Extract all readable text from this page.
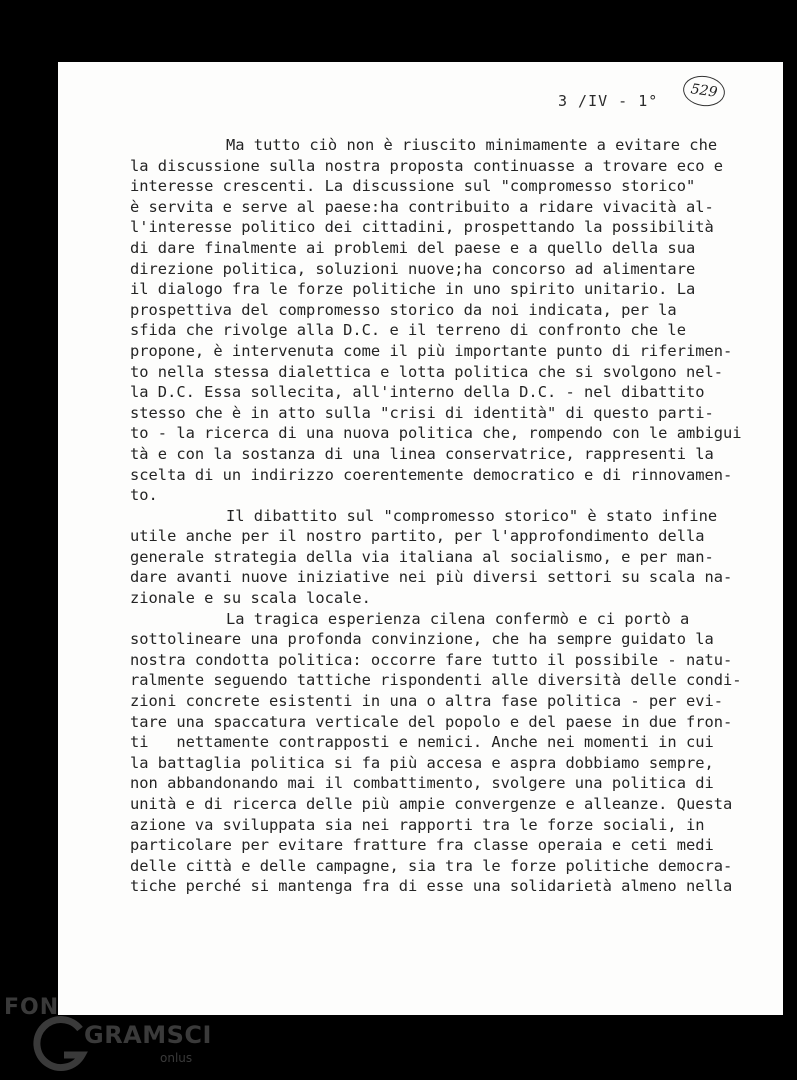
3 /IV - 1°
529
Ma tutto ciò non è riuscito minimamente a evitare che
la discussione sulla nostra proposta continuasse a trovare eco e
interesse crescenti. La discussione sul "compromesso storico"
è servita e serve al paese:ha contribuito a ridare vivacità al-
l'interesse politico dei cittadini, prospettando la possibilità
di dare finalmente ai problemi del paese e a quello della sua
direzione politica, soluzioni nuove;ha concorso ad alimentare
il dialogo fra le forze politiche in uno spirito unitario. La
prospettiva del compromesso storico da noi indicata, per la
sfida che rivolge alla D.C. e il terreno di confronto che le
propone, è intervenuta come il più importante punto di riferimen-
to nella stessa dialettica e lotta politica che si svolgono nel-
la D.C. Essa sollecita, all'interno della D.C. - nel dibattito
stesso che è in atto sulla "crisi di identità" di questo parti-
to - la ricerca di una nuova politica che, rompendo con le ambigui
tà e con la sostanza di una linea conservatrice, rappresenti la
scelta di un indirizzo coerentemente democratico e di rinnovamen-
to.
Il dibattito sul "compromesso storico" è stato infine
utile anche per il nostro partito, per l'approfondimento della
generale strategia della via italiana al socialismo, e per man-
dare avanti nuove iniziative nei più diversi settori su scala na-
zionale e su scala locale.
La tragica esperienza cilena confermò e ci portò a
sottolineare una profonda convinzione, che ha sempre guidato la
nostra condotta politica: occorre fare tutto il possibile - natu-
ralmente seguendo tattiche rispondenti alle diversità delle condi-
zioni concrete esistenti in una o altra fase politica - per evi-
tare una spaccatura verticale del popolo e del paese in due fron-
ti   nettamente contrapposti e nemici. Anche nei momenti in cui
la battaglia politica si fa più accesa e aspra dobbiamo sempre,
non abbandonando mai il combattimento, svolgere una politica di
unità e di ricerca delle più ampie convergenze e alleanze. Questa
azione va sviluppata sia nei rapporti tra le forze sociali, in
particolare per evitare fratture fra classe operaia e ceti medi
delle città e delle campagne, sia tra le forze politiche democra-
tiche perché si mantenga fra di esse una solidarietà almeno nella
FON
GRAMSCI
onlus
